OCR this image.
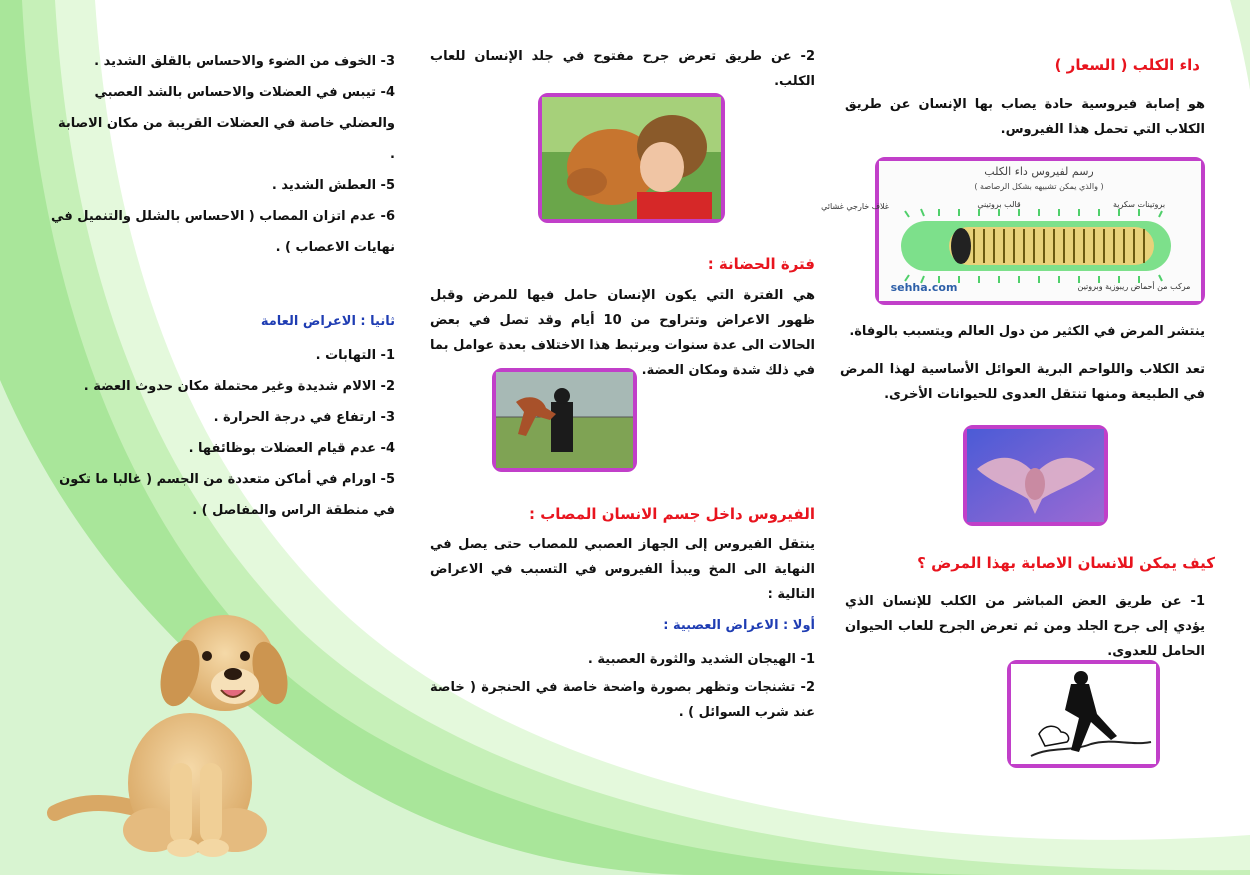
داء الكلب ( السعار )
هو إصابة فيروسية حادة يصاب بها الإنسان عن طريق الكلاب التي تحمل هذا الفيروس.
رسم لفيروس داء الكلب
( والذي يمكن تشبيهه بشكل الرصاصة )
غلاف خارجي غشائي	قالب بروتيني	بروتينات سكرية
مركب من أحماض ريبوزية وبروتين
sehha.com
ينتشر المرض في الكثير من دول العالم ويتسبب بالوفاة.
تعد الكلاب واللواحم البرية العوائل الأساسية لهذا المرض في الطبيعة ومنها تنتقل العدوى للحيوانات الأخرى.
كيف يمكن للانسان الاصابة بهذا المرض ؟
1- عن طريق العض المباشر من الكلب للإنسان الذي يؤدي إلى جرح الجلد ومن ثم تعرض الجرح للعاب الحيوان الحامل للعدوى.
2- عن طريق تعرض جرح مفتوح في جلد الإنسان للعاب الكلب.
فترة الحضانة :
هي الفترة التي يكون الإنسان حامل فيها للمرض وقبل ظهور الاعراض وتتراوح من 10 أيام وقد تصل في بعض الحالات الى عدة سنوات ويرتبط هذا الاختلاف بعدة عوامل بما في ذلك شدة ومكان العضة.
الفيروس داخل جسم الانسان المصاب :
ينتقل الفيروس إلى الجهاز العصبي للمصاب حتى يصل في النهاية الى المخ ويبدأ الفيروس في التسبب في الاعراض التالية :
أولا : الاعراض العصبية :
1- الهيجان الشديد والثورة العصبية .
2- تشنجات وتظهر بصورة واضحة خاصة في الحنجرة ( خاصة عند شرب السوائل ) .
3- الخوف من الضوء والاحساس بالقلق الشديد .
4- تيبس في العضلات والاحساس بالشد العصبي والعضلي خاصة في العضلات القريبة من مكان الاصابة .
5- العطش الشديد .
6- عدم اتزان المصاب ( الاحساس بالشلل والتنميل في نهايات الاعصاب ) .
ثانيا : الاعراض العامة
1- التهابات .
2- الالام شديدة وغير محتملة مكان حدوث العضة .
3- ارتفاع في درجة الحرارة .
4- عدم قيام العضلات بوظائفها .
5- اورام في أماكن متعددة من الجسم ( غالبا ما تكون في منطقة الراس والمفاصل ) .
